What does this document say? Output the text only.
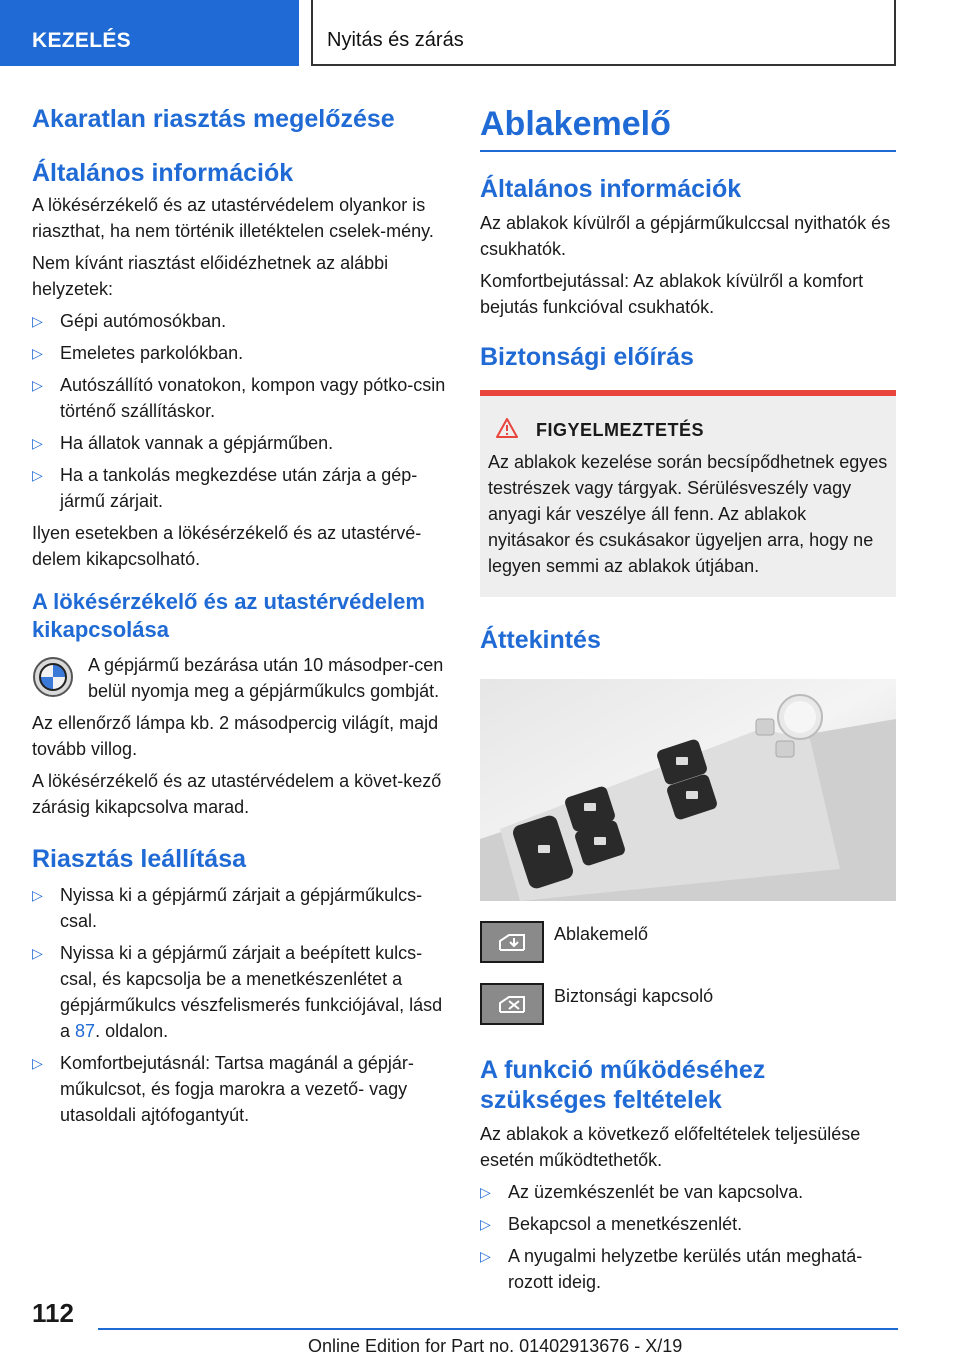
KEZELÉS	Nyitás és zárás
Akaratlan riasztás megelőzése
Általános információk

A lökésérzékelő és az utastérvédelem olyankor is riaszthat, ha nem történik illetéktelen cselek-mény.

Nem kívánt riasztást előidézhetnek az alábbi helyzetek:

▷ Gépi autómosókban.
▷ Emeletes parkolókban.
▷ Autószállító vonatokon, kompon vagy pótko-csin történő szállításkor.
▷ Ha állatok vannak a gépjárműben.
▷ Ha a tankolás megkezdése után zárja a gép-jármű zárjait.

Ilyen esetekben a lökésérzékelő és az utastérvé-delem kikapcsolható.

A lökésérzékelő és az utastérvédelem kikapcsolása

A gépjármű bezárása után 10 másodper-cen belül nyomja meg a gépjárműkulcs gombját.

Az ellenőrző lámpa kb. 2 másodpercig világít, majd tovább villog.

A lökésérzékelő és az utastérvédelem a követ-kező zárásig kikapcsolva marad.

Riasztás leállítása
▷ Nyissa ki a gépjármű zárjait a gépjárműkulcs-csal.
▷ Nyissa ki a gépjármű zárjait a beépített kulcs-csal, és kapcsolja be a menetkészenlétet a gépjárműkulcs vészfelismerés funkciójával, lásd a 87. oldalon.
▷ Komfortbejutásnál: Tartsa magánál a gépjár-műkulcsot, és fogja marokra a vezető- vagy utasoldali ajtófogantyút.
Ablakemelő
Általános információk

Az ablakok kívülről a gépjárműkulccsal nyithatók és csukhatók.

Komfortbejutással: Az ablakok kívülről a komfort bejutás funkcióval csukhatók.

Biztonsági előírás
FIGYELMEZTETÉS
Az ablakok kezelése során becsípődhetnek egyes testrészek vagy tárgyak. Sérülésveszély vagy anyagi kár veszélye áll fenn. Az ablakok nyitásakor és csukásakor ügyeljen arra, hogy ne legyen semmi az ablakok útjában.
Áttekintés
Ablakemelő
Biztonsági kapcsoló
A funkció működéséhez szükséges feltételek

Az ablakok a következő előfeltételek teljesülése esetén működtethetők.

▷ Az üzemkészenlét be van kapcsolva.
▷ Bekapcsol a menetkészenlét.
▷ A nyugalmi helyzetbe kerülés után meghatá-rozott ideig.
112
Online Edition for Part no. 01402913676 - X/19
